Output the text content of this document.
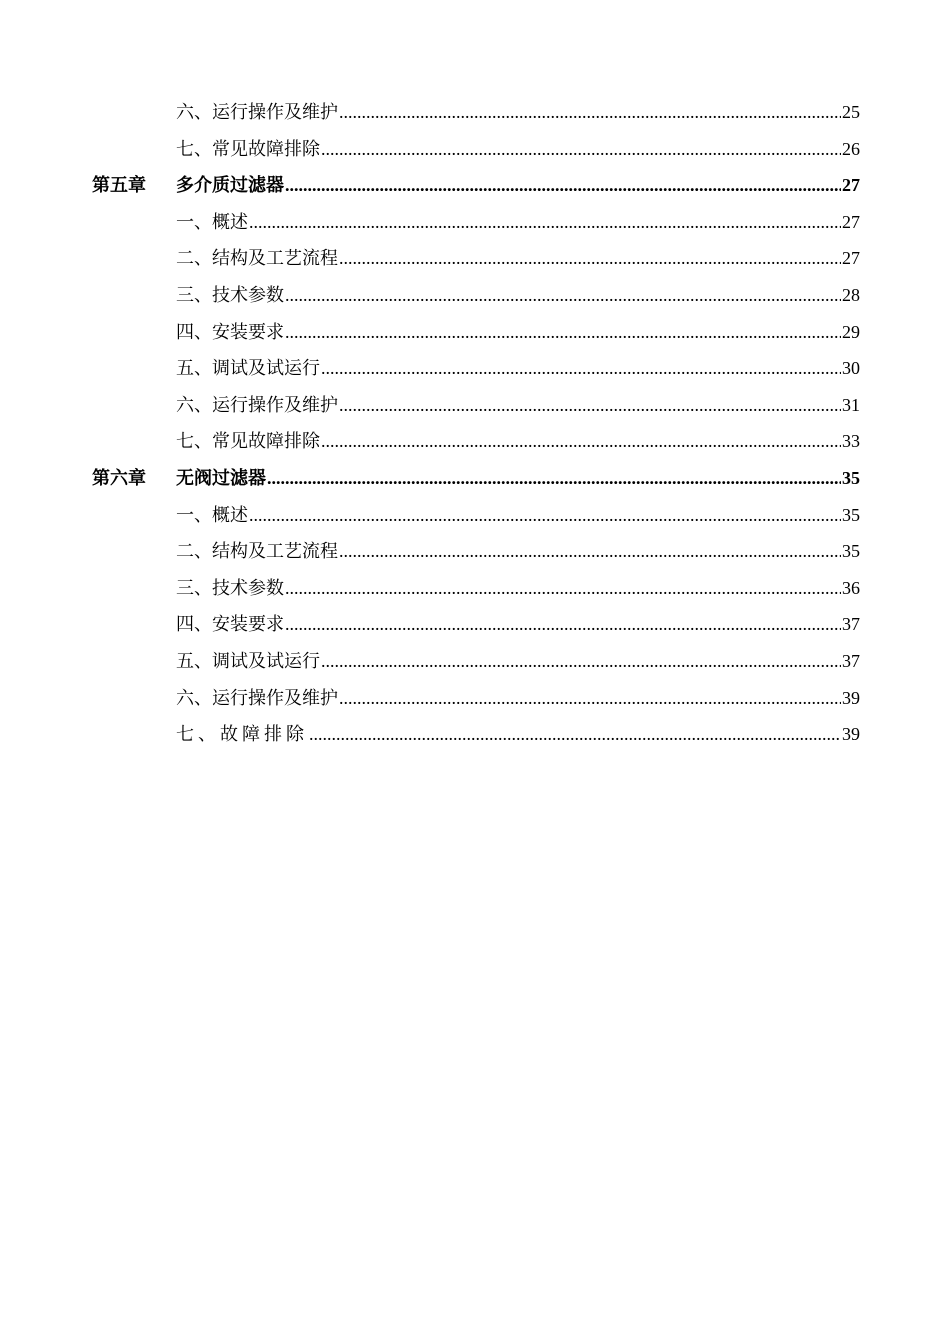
六、运行操作及维护 .....	25
七、常见故障排除 .....	26
第五章	多介质过滤器 .....	27
一、概述 .....	27
二、结构及工艺流程 .....	27
三、技术参数 .....	28
四、安装要求 .....	29
五、调试及试运行 .....	30
六、运行操作及维护 .....	31
七、常见故障排除 .....	33
第六章	无阀过滤器 .....	35
一、概述 .....	35
二、结构及工艺流程 .....	35
三、技术参数 .....	36
四、安装要求 .....	37
五、调试及试运行 .....	37
六、运行操作及维护 .....	39
七、故障排除 .....	39
